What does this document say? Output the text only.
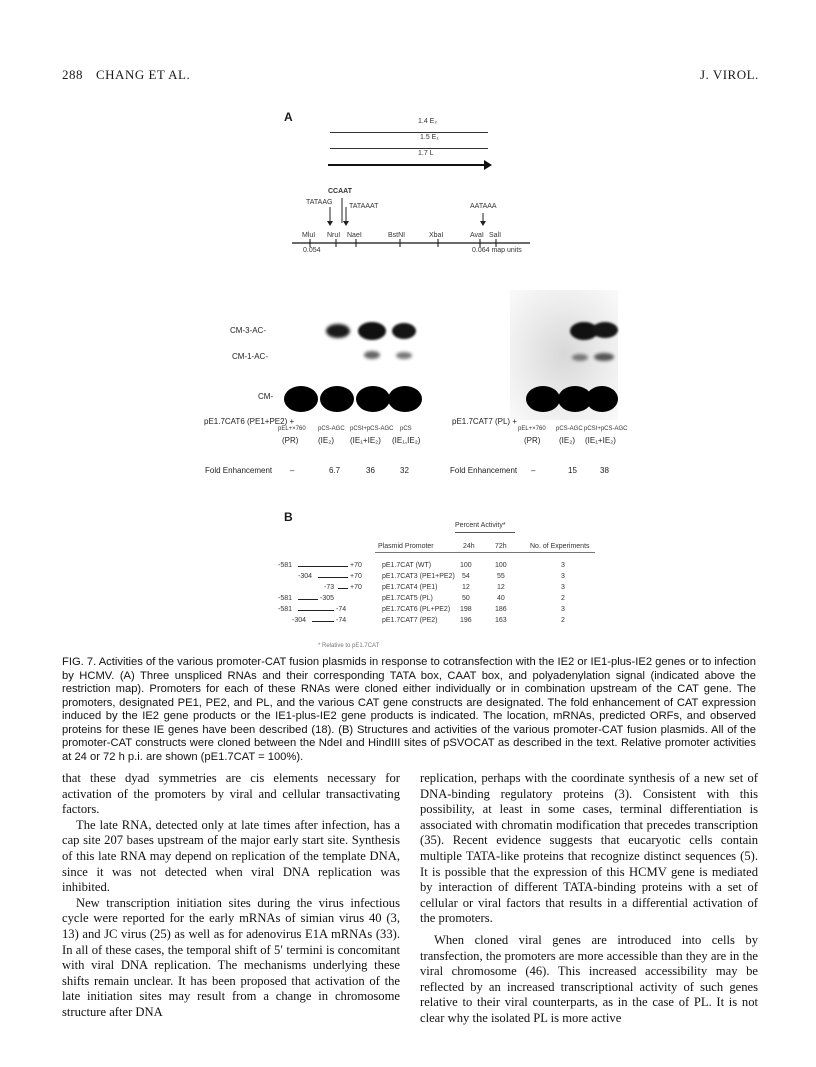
288 CHANG ET AL.	J. VIROL.
A	1.4 E₂
1.5 E₁
1.7 L
CCAAT
TATAAG
TATAAAT	AATAAA
MluI NruI NaeI	BstNI	XbaI	AvaI SalI
0.054	0.064 map units
CM-3-AC-
CM-1-AC-
CM-
pE1.7CAT6 (PE1+PE2) +
pEL+×760 pCS-AGC pCSI+pCS-AGC pCS
(PR) (IE₂) (IE₁+IE₂) (IE₁,IE₂)
Fold Enhancement –	6.7	36	32
pE1.7CAT7 (PL) +
pEL+×760 pCS-AGC pCSI+pCS-AGC
(PR) (IE₂) (IE₁+IE₂)
Fold Enhancement –	15	38
B
Percent Activity*
Plasmid Promoter	24h	72h	No. of Experiments
-581	+70	pE1.7CAT (WT)	100	100	3
-304	+70	pE1.7CAT3 (PE1+PE2) 54	55	3
-73 +70	pE1.7CAT4 (PE1)	12	12	3
-581	-305	pE1.7CAT5 (PL)	50	40	2
-581	-74	pE1.7CAT6 (PL+PE2) 198	186	3
-304	-74	pE1.7CAT7 (PE2)	196	163	2
* Relative to pE1.7CAT
FIG. 7. Activities of the various promoter-CAT fusion plasmids in response to cotransfection with the IE2 or IE1-plus-IE2 genes or to infection by HCMV. (A) Three unspliced RNAs and their corresponding TATA box, CAAT box, and polyadenylation signal (indicated above the restriction map). Promoters for each of these RNAs were cloned either individually or in combination upstream of the CAT gene. The promoters, designated PE1, PE2, and PL, and the various CAT gene constructs are designated. The fold enhancement of CAT expression induced by the IE2 gene products or the IE1-plus-IE2 gene products is indicated. The location, mRNAs, predicted ORFs, and observed proteins for these IE genes have been described (18). (B) Structures and activities of the various promoter-CAT fusion plasmids. All of the promoter-CAT constructs were cloned between the NdeI and HindIII sites of pSVOCAT as described in the text. Relative promoter activities at 24 or 72 h p.i. are shown (pE1.7CAT = 100%).

that these dyad symmetries are cis elements necessary for activation of the promoters by viral and cellular transactivating factors.

The late RNA, detected only at late times after infection, has a cap site 207 bases upstream of the major early start site. Synthesis of this late RNA may depend on replication of the template DNA, since it was not detected when viral DNA replication was inhibited.

New transcription initiation sites during the virus infectious cycle were reported for the early mRNAs of simian virus 40 (3, 13) and JC virus (25) as well as for adenovirus E1A mRNAs (33). In all of these cases, the temporal shift of 5′ termini is concomitant with viral DNA replication. The mechanisms underlying these shifts remain unclear. It has been proposed that activation of the late initiation sites may result from a change in chromosome structure after DNA

replication, perhaps with the coordinate synthesis of a new set of DNA-binding regulatory proteins (3). Consistent with this possibility, at least in some cases, terminal differentiation is associated with chromatin modification that precedes transcription (35). Recent evidence suggests that eucaryotic cells contain multiple TATA-like proteins that recognize distinct sequences (5). It is possible that the expression of this HCMV gene is mediated by interaction of different TATA-binding proteins with a set of cellular or viral factors that results in a differential activation of the promoters.

When cloned viral genes are introduced into cells by transfection, the promoters are more accessible than they are in the viral chromosome (46). This increased accessibility may be reflected by an increased transcriptional activity of such genes relative to their viral counterparts, as in the case of PL. It is not clear why the isolated PL is more active
